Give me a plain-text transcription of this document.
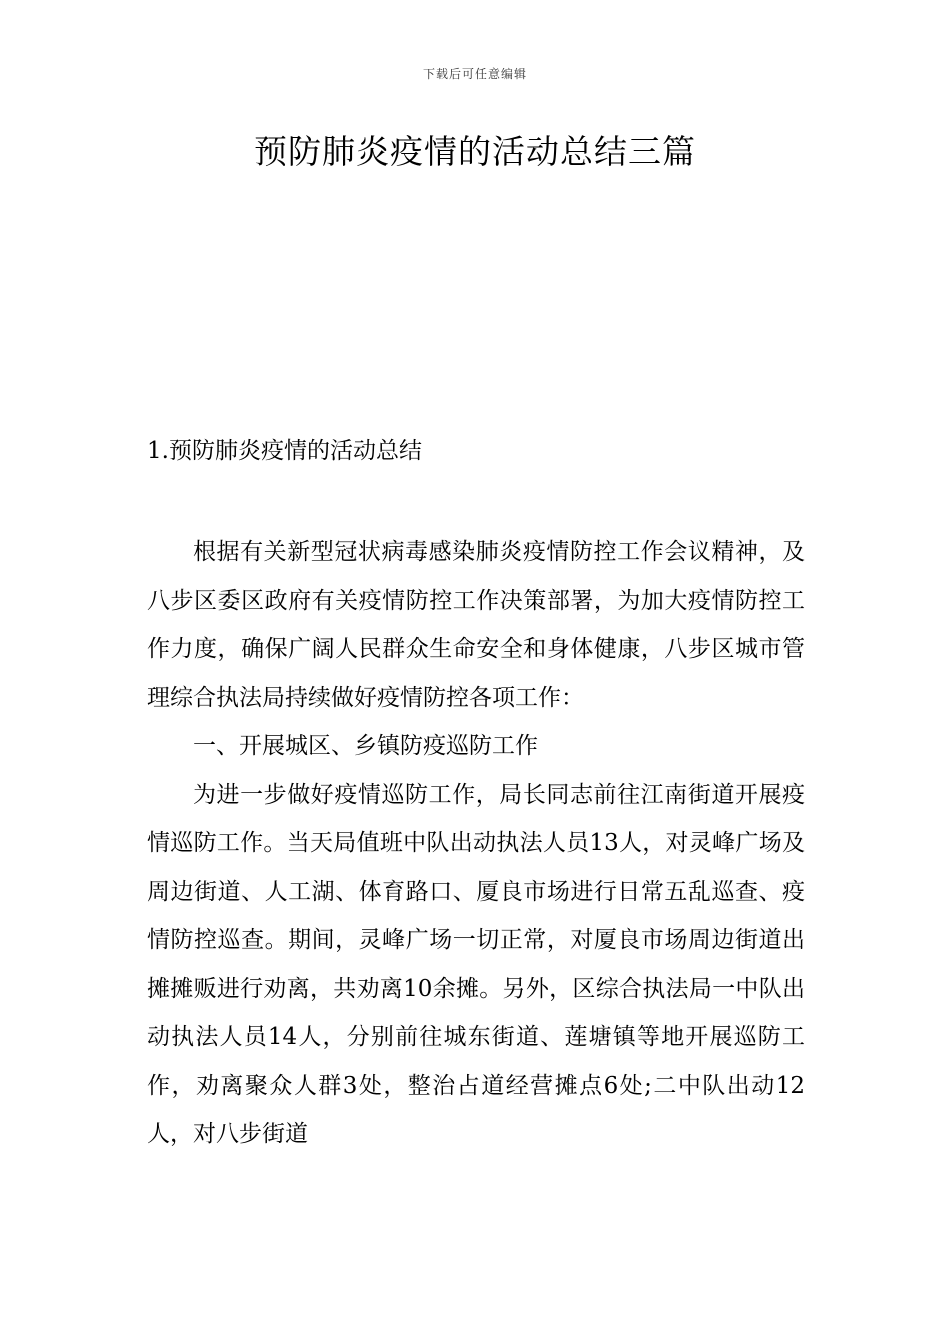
下载后可任意编辑
预防肺炎疫情的活动总结三篇
1.预防肺炎疫情的活动总结

根据有关新型冠状病毒感染肺炎疫情防控工作会议精神，及八步区委区政府有关疫情防控工作决策部署，为加大疫情防控工作力度，确保广阔人民群众生命安全和身体健康，八步区城市管理综合执法局持续做好疫情防控各项工作：

一、开展城区、乡镇防疫巡防工作

为进一步做好疫情巡防工作，局长同志前往江南街道开展疫情巡防工作。当天局值班中队出动执法人员13人，对灵峰广场及周边街道、人工湖、体育路口、厦良市场进行日常五乱巡查、疫情防控巡查。期间，灵峰广场一切正常，对厦良市场周边街道出摊摊贩进行劝离，共劝离10余摊。另外，区综合执法局一中队出动执法人员14人，分别前往城东街道、莲塘镇等地开展巡防工作，劝离聚众人群3处，整治占道经营摊点6处;二中队出动12人，对八步街道
